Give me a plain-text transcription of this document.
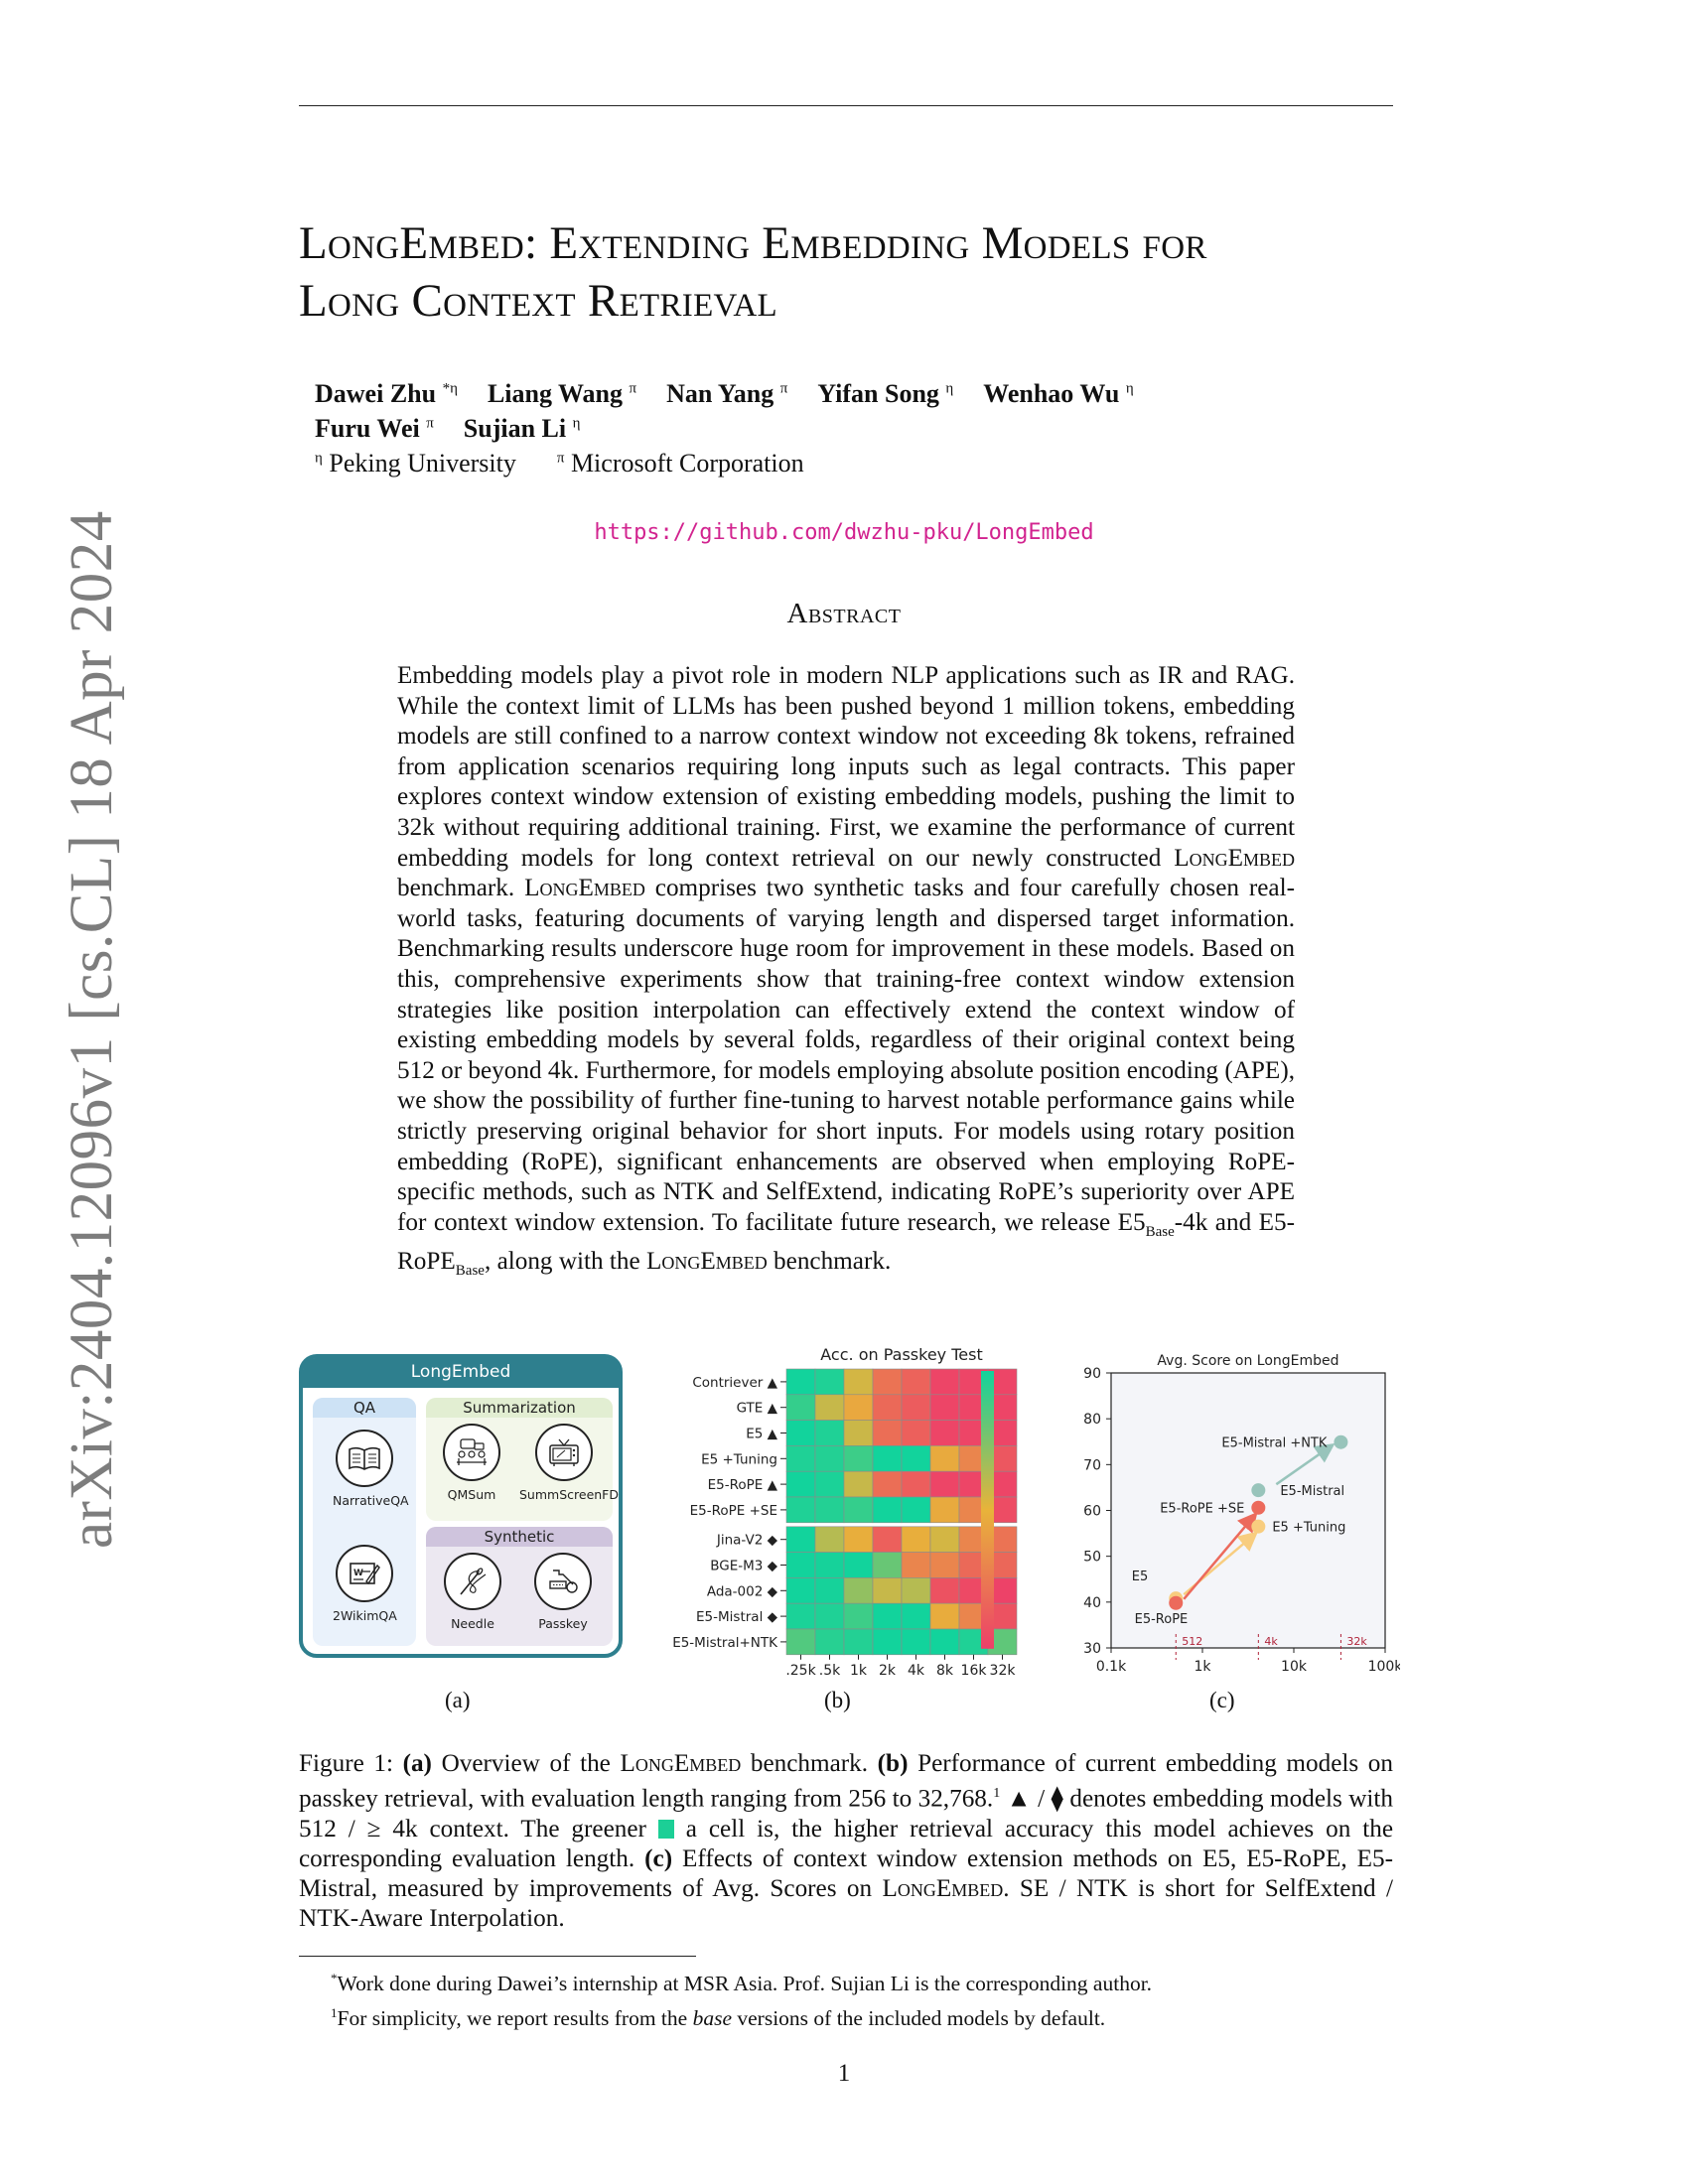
arXiv:2404.12096v1 [cs.CL] 18 Apr 2024
LongEmbed: Extending Embedding Models for
Long Context Retrieval
Dawei Zhu $^{*\eta}$ Liang Wang $^\pi$ Nan Yang $^\pi$ Yifan Song $^\eta$ Wenhao Wu $^\eta$
Furu Wei $^\pi$ Sujian Li $^\eta$
$^\eta$ Peking University	$^\pi$ Microsoft Corporation
https://github.com/dwzhu-pku/LongEmbed
Abstract
Embedding models play a pivot role in modern NLP applications such as IR and RAG. While the context limit of LLMs has been pushed beyond 1 million tokens, embedding models are still confined to a narrow context window not exceeding 8k tokens, refrained from application scenarios requiring long inputs such as legal contracts. This paper explores context window extension of existing embedding models, pushing the limit to 32k without requiring additional training. First, we examine the performance of current embedding models for long context retrieval on our newly constructed LongEmbed benchmark. LongEmbed comprises two synthetic tasks and four carefully chosen real-world tasks, featuring documents of varying length and dispersed target information. Benchmarking results underscore huge room for improvement in these models. Based on this, comprehensive experiments show that training-free context window extension strategies like position interpolation can effectively extend the context window of existing embedding models by several folds, regardless of their original context being 512 or beyond 4k. Furthermore, for models employing absolute position encoding (APE), we show the possibility of further fine-tuning to harvest notable performance gains while strictly preserving original behavior for short inputs. For models using rotary position embedding (RoPE), significant enhancements are observed when employing RoPE-specific methods, such as NTK and SelfExtend, indicating RoPE’s superiority over APE for context window extension. To facilitate future research, we release $E5_{Base}-4k$ and E5-RoPE$_{Base}$, along with the LongEmbed benchmark.
LongEmbed
QA
NarrativeQA
W
2WikimQA
Summarization
QMSum	SummScreenFD
Synthetic
Needle	Passkey
Acc. on Passkey Test
Contriever ▲
GTE ▲
E5 ▲
E5 +Tuning
E5-RoPE ▲
E5-RoPE +SE
Jina-V2 ◆
BGE-M3 ◆
Ada-002 ◆
E5-Mistral ◆
E5-Mistral+NTK
.25k .5k 1k 2k 4k 8k 16k 32k
Avg. Score on LongEmbed
30
40
50
60
70
80
90
0.1k	1k	10k	100k
512	4k	32k
E5
E5-RoPE
E5 +Tuning
E5-RoPE +SE
E5-Mistral
E5-Mistral +NTK
(a)	(b)	(c)
Figure 1: (a) Overview of the LongEmbed benchmark. (b) Performance of current embedding models on passkey retrieval, with evaluation length ranging from 256 to 32,768.$^1$ ▲ / ⧫ denotes embedding models with 512 / ≥ 4k context. The greener  a cell is, the higher retrieval accuracy this model achieves on the corresponding evaluation length. (c) Effects of context window extension methods on E5, E5-RoPE, E5-Mistral, measured by improvements of Avg. Scores on LongEmbed. SE / NTK is short for SelfExtend / NTK-Aware Interpolation.
*Work done during Dawei’s internship at MSR Asia. Prof. Sujian Li is the corresponding author.
$^1$For simplicity, we report results from the base versions of the included models by default.
1
